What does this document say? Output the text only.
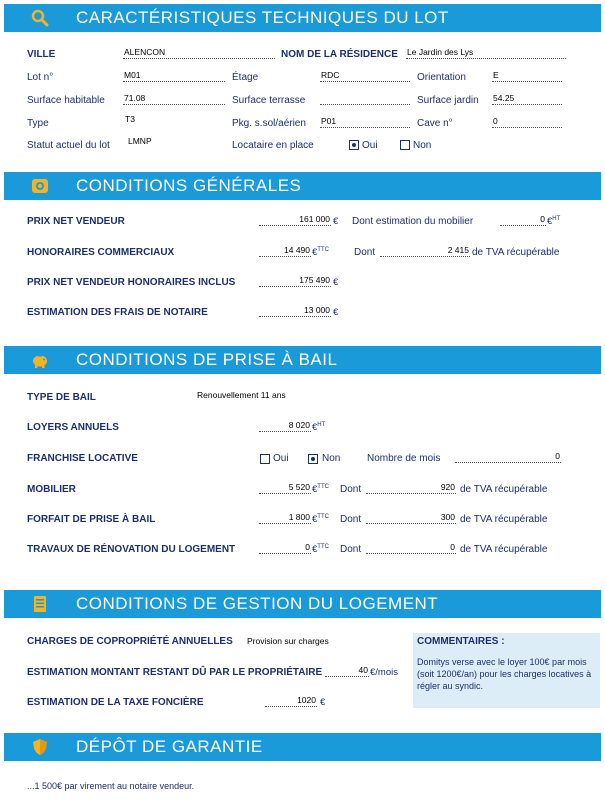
CARACTÉRISTIQUES TECHNIQUES DU LOT
VILLE	ALENCON	NOM DE LA RÉSIDENCE Le Jardin des Lys
Lot n°	M01	Étage	RDC	Orientation	E
Surface habitable 71.08	Surface terrasse	Surface jardin 54.25
Type	T3	Pkg. s.sol/aérien P01	Cave n°	0
Statut actuel du lot LMNP	Locataire en place	Oui	Non
CONDITIONS GÉNÉRALES
PRIX NET VENDEUR	161 000 € Dont estimation du mobilier	0 €$^{HT}$
HONORAIRES COMMERCIAUX	14 490 €$^{TTC}$	Dont	2 415 de TVA récupérable
PRIX NET VENDEUR HONORAIRES INCLUS	175 490 €
ESTIMATION DES FRAIS DE NOTAIRE	13 000 €
CONDITIONS DE PRISE À BAIL
TYPE DE BAIL	Renouvellement 11 ans
LOYERS ANNUELS	8 020 €$^{HT}$
FRANCHISE LOCATIVE	Oui	Non	Nombre de mois	0
MOBILIER	5 520 €$^{TTC}$ Dont	920 de TVA récupérable
FORFAIT DE PRISE À BAIL	1 800 €$^{TTC}$ Dont	300 de TVA récupérable
TRAVAUX DE RÉNOVATION DU LOGEMENT	0 €$^{TTC}$ Dont	0 de TVA récupérable
CONDITIONS DE GESTION DU LOGEMENT
CHARGES DE COPROPRIÉTÉ ANNUELLES Provision sur charges
ESTIMATION MONTANT RESTANT DÛ PAR LE PROPRIÉTAIRE	40 €/mois
ESTIMATION DE LA TAXE FONCIÈRE	1020 €
COMMENTAIRES :
Domitys verse avec le loyer 100€ par mois (soit 1200€/an) pour les charges locatives à régler au syndic.
DÉPÔT DE GARANTIE
...1 500€ par virement au notaire vendeur.
